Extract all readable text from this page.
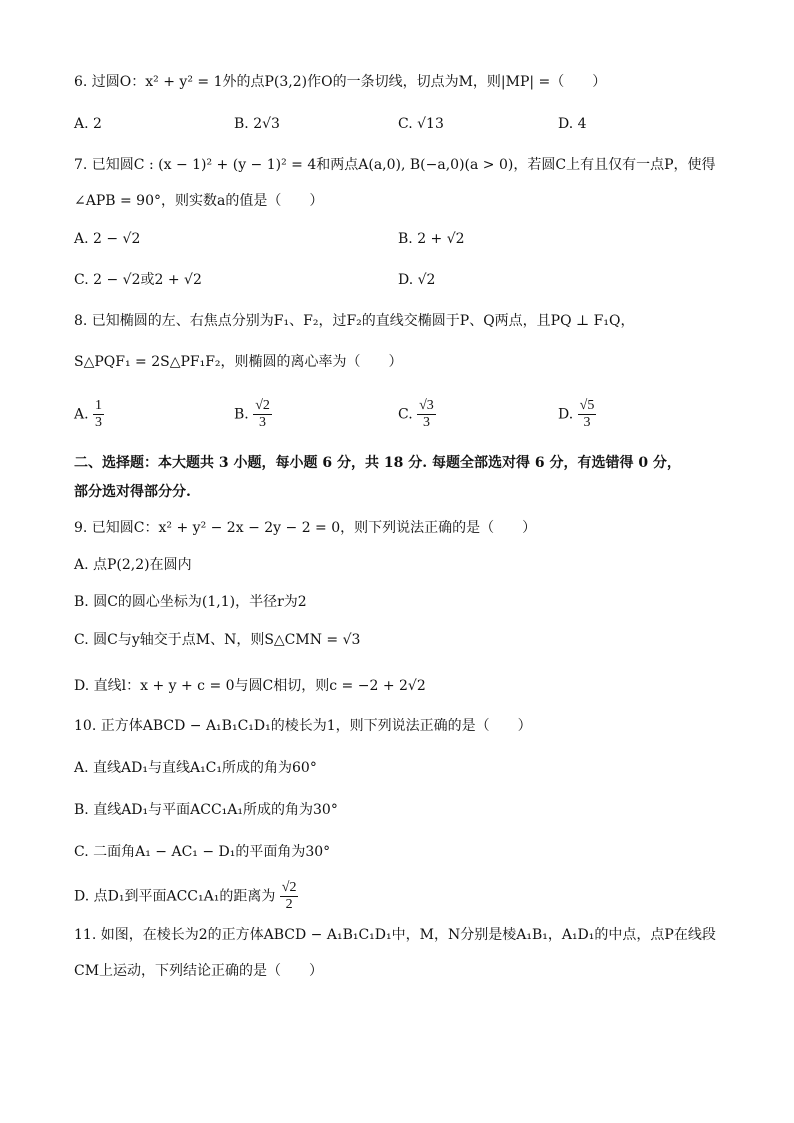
6. 过圆O：x² + y² = 1外的点P(3,2)作O的一条切线，切点为M，则|MP| =（　　）
A. 2	B. 2√3	C. √13	D. 4
7. 已知圆C : (x − 1)² + (y − 1)² = 4和两点A(a,0), B(−a,0)(a > 0)，若圆C上有且仅有一点P，使得
∠APB = 90°，则实数a的值是（　　）
A. 2 − √2	B. 2 + √2
C. 2 − √2或2 + √2	D. √2
8. 已知椭圆的左、右焦点分别为F₁、F₂，过F₂的直线交椭圆于P、Q两点，且PQ ⊥ F₁Q，
S△PQF₁ = 2S△PF₁F₂，则椭圆的离心率为（　　）
A. $\frac{1}{3}$	B. $\frac{√2}{3}$	C. $\frac{√3}{3}$	D. $\frac{√5}{3}$
二、选择题：本大题共 3 小题，每小题 6 分，共 18 分. 每题全部选对得 6 分，有选错得 0 分，
部分选对得部分分.
9. 已知圆C：x² + y² − 2x − 2y − 2 = 0，则下列说法正确的是（　　）
A. 点P(2,2)在圆内
B. 圆C的圆心坐标为(1,1)，半径r为2
C. 圆C与y轴交于点M、N，则S△CMN = √3
D. 直线l：x + y + c = 0与圆C相切，则c = −2 + 2√2
10. 正方体ABCD − A₁B₁C₁D₁的棱长为1，则下列说法正确的是（　　）
A. 直线AD₁与直线A₁C₁所成的角为60°
B. 直线AD₁与平面ACC₁A₁所成的角为30°
C. 二面角A₁ − AC₁ − D₁的平面角为30°
D. 点D₁到平面ACC₁A₁的距离为 $\frac{√2}{2}$
11. 如图，在棱长为2的正方体ABCD − A₁B₁C₁D₁中，M，N分别是棱A₁B₁，A₁D₁的中点，点P在线段
CM上运动，下列结论正确的是（　　）
